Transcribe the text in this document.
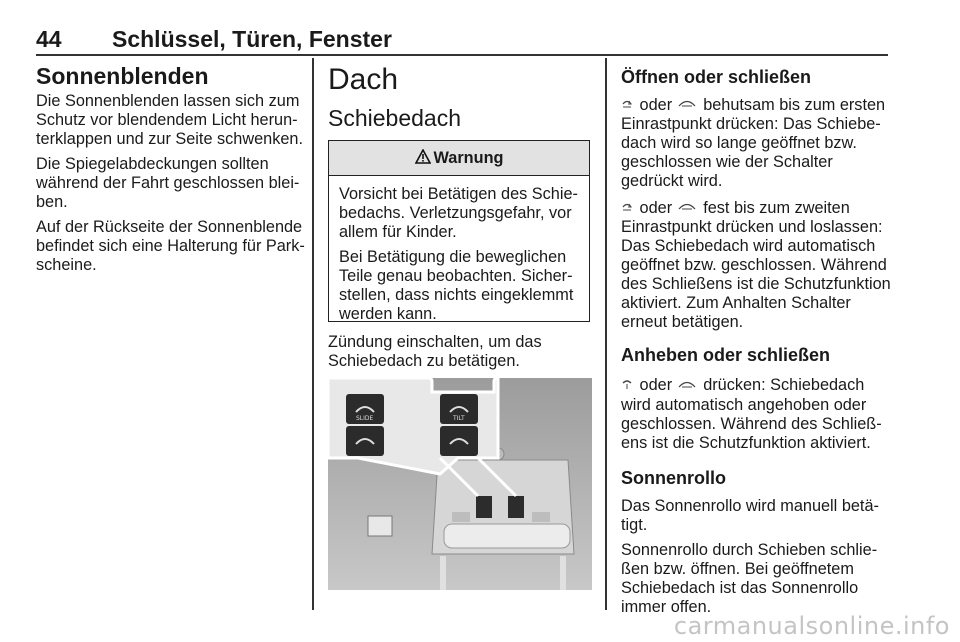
44 Schlüssel, Türen, Fenster
Sonnenblenden

Die Sonnenblenden lassen sich zum
Schutz vor blendendem Licht herun-
terklappen und zur Seite schwenken.

Die Spiegelabdeckungen sollten
während der Fahrt geschlossen blei-
ben.

Auf der Rückseite der Sonnenblende
befindet sich eine Halterung für Park-
scheine.

Dach
Schiebedach
Warnung

Vorsicht bei Betätigen des Schie-
bedachs. Verletzungsgefahr, vor
allem für Kinder.

Bei Betätigung die beweglichen
Teile genau beobachten. Sicher-
stellen, dass nichts eingeklemmt
werden kann.

Zündung einschalten, um das
Schiebedach zu betätigen.
SLIDE	TILT
Öffnen oder schließen

oder behutsam bis zum ersten
Einrastpunkt drücken: Das Schiebe-
dach wird so lange geöffnet bzw.
geschlossen wie der Schalter
gedrückt wird.

oder fest bis zum zweiten
Einrastpunkt drücken und loslassen:
Das Schiebedach wird automatisch
geöffnet bzw. geschlossen. Während
des Schließens ist die Schutzfunktion
aktiviert. Zum Anhalten Schalter
erneut betätigen.

Anheben oder schließen

oder drücken: Schiebedach
wird automatisch angehoben oder
geschlossen. Während des Schließ-
ens ist die Schutzfunktion aktiviert.

Sonnenrollo

Das Sonnenrollo wird manuell betä-
tigt.

Sonnenrollo durch Schieben schlie-
ßen bzw. öffnen. Bei geöffnetem
Schiebedach ist das Sonnenrollo
immer offen.

carmanualsonline.info
